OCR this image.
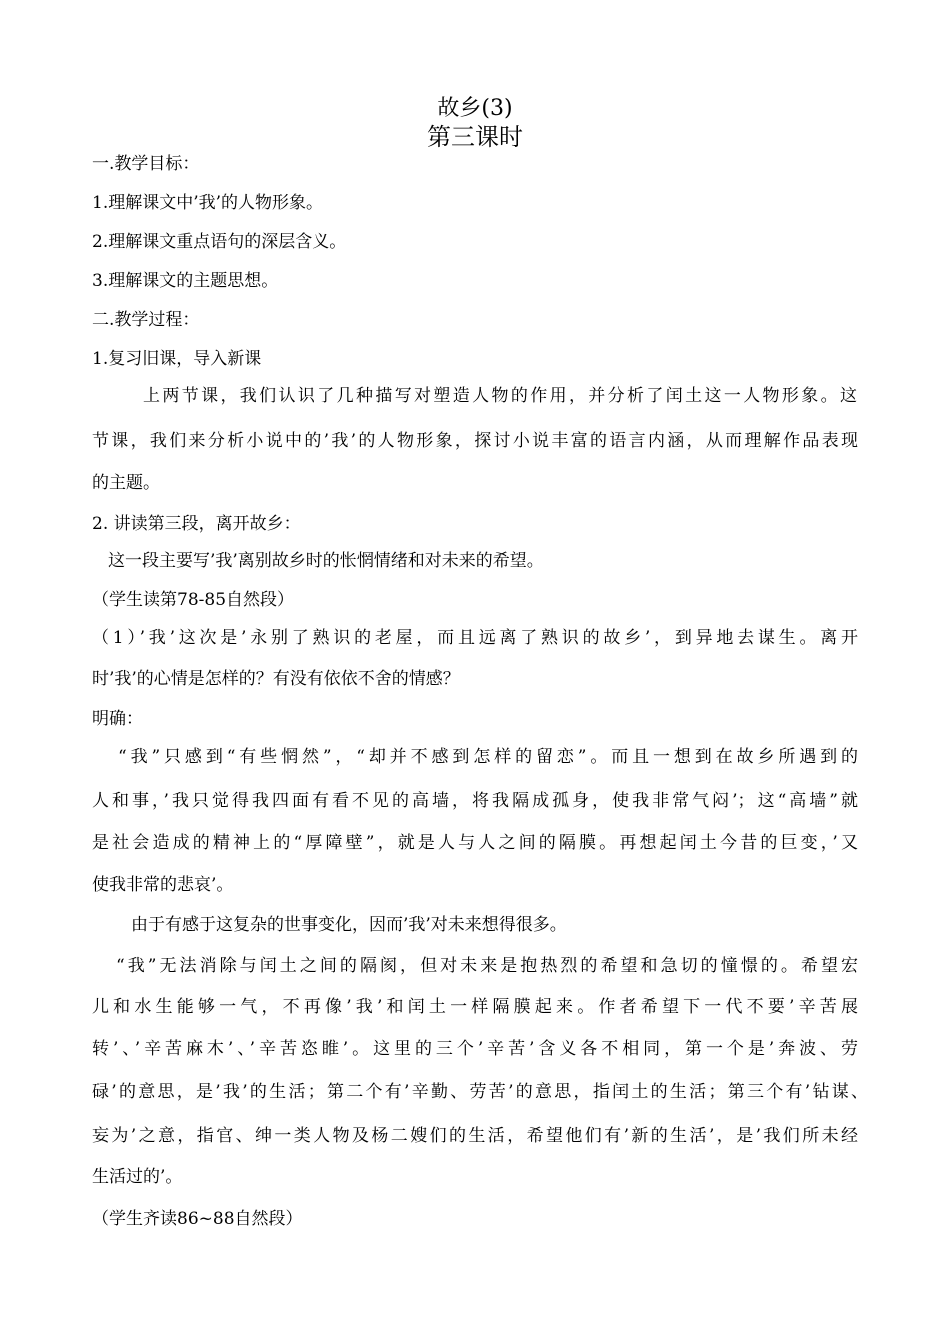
故乡(3)
第三课时
一.教学目标：
1.理解课文中’我’的人物形象。
2.理解课文重点语句的深层含义。
3.理解课文的主题思想。
二.教学过程：
1.复习旧课，导入新课
上两节课，我们认识了几种描写对塑造人物的作用，并分析了闰土这一人物形象。这
节课，我们来分析小说中的’我’的人物形象，探讨小说丰富的语言内涵，从而理解作品表现
的主题。
2. 讲读第三段，离开故乡：
这一段主要写’我’离别故乡时的怅惘情绪和对未来的希望。
（学生读第78-85自然段）
（1）’我’这次是’永别了熟识的老屋，而且远离了熟识的故乡’，到异地去谋生。离开
时’我’的心情是怎样的？有没有依依不舍的情感？
明确：
“我”只感到“有些惘然”，“却并不感到怎样的留恋”。而且一想到在故乡所遇到的
人和事，’我只觉得我四面有看不见的高墙，将我隔成孤身，使我非常气闷’；这“高墙”就
是社会造成的精神上的“厚障壁”，就是人与人之间的隔膜。再想起闰土今昔的巨变，’又
使我非常的悲哀’。
由于有感于这复杂的世事变化，因而’我’对未来想得很多。
“我”无法消除与闰土之间的隔阂，但对未来是抱热烈的希望和急切的憧憬的。希望宏
儿和水生能够一气，不再像’我’和闰土一样隔膜起来。作者希望下一代不要’辛苦展
转’、’辛苦麻木’、’辛苦恣睢’。这里的三个’辛苦’含义各不相同，第一个是’奔波、劳
碌’的意思，是’我’的生活；第二个有’辛勤、劳苦’的意思，指闰土的生活；第三个有’钻谋、
妄为’之意，指官、绅一类人物及杨二嫂们的生活，希望他们有’新的生活’，是’我们所未经
生活过的’。
（学生齐读86~88自然段）
